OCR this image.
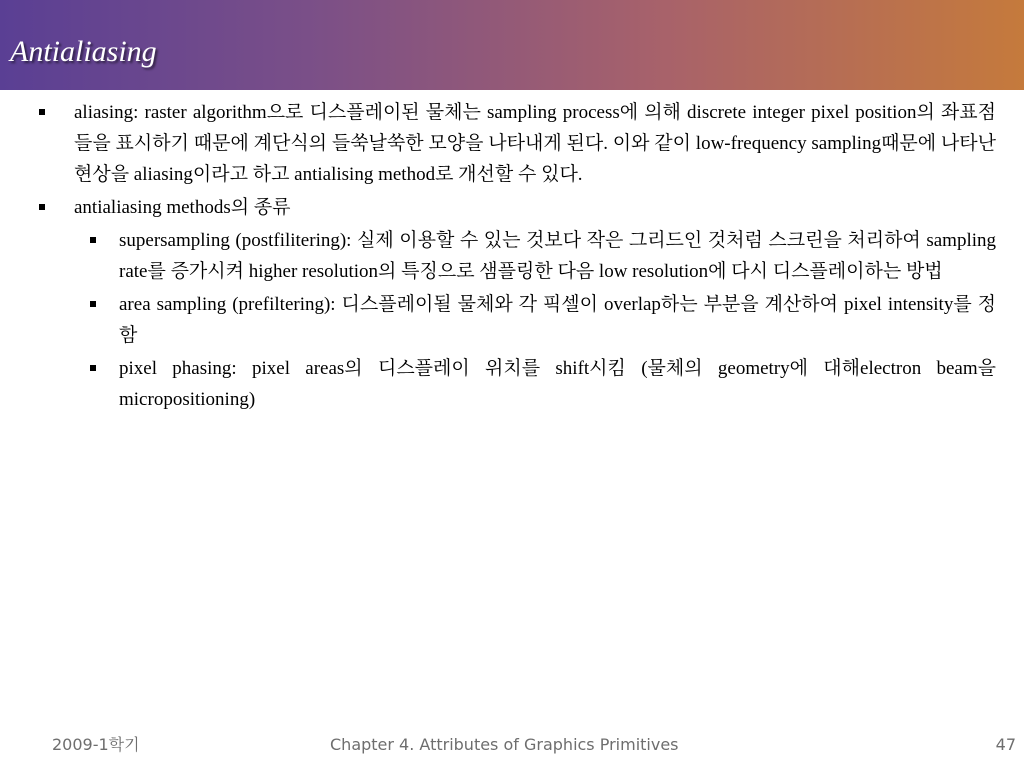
Antialiasing
aliasing: raster algorithm으로 디스플레이된 물체는 sampling process에 의해 discrete integer pixel position의 좌표점들을 표시하기 때문에 계단식의 들쑥날쑥한 모양을 나타내게 된다. 이와 같이 low-frequency sampling때문에 나타난 현상을 aliasing이라고 하고 antialising method로 개선할 수 있다.
antialiasing methods의 종류
supersampling (postfilitering): 실제 이용할 수 있는 것보다 작은 그리드인 것처럼 스크린을 처리하여 sampling rate를 증가시켜 higher resolution의 특징으로 샘플링한 다음 low resolution에 다시 디스플레이하는 방법
area sampling (prefiltering): 디스플레이될 물체와 각 픽셀이 overlap하는 부분을 계산하여 pixel intensity를 정함
pixel phasing: pixel areas의 디스플레이 위치를 shift시킴 (물체의 geometry에 대해electron beam을 micropositioning)
2009-1학기	Chapter 4. Attributes of Graphics Primitives	47
